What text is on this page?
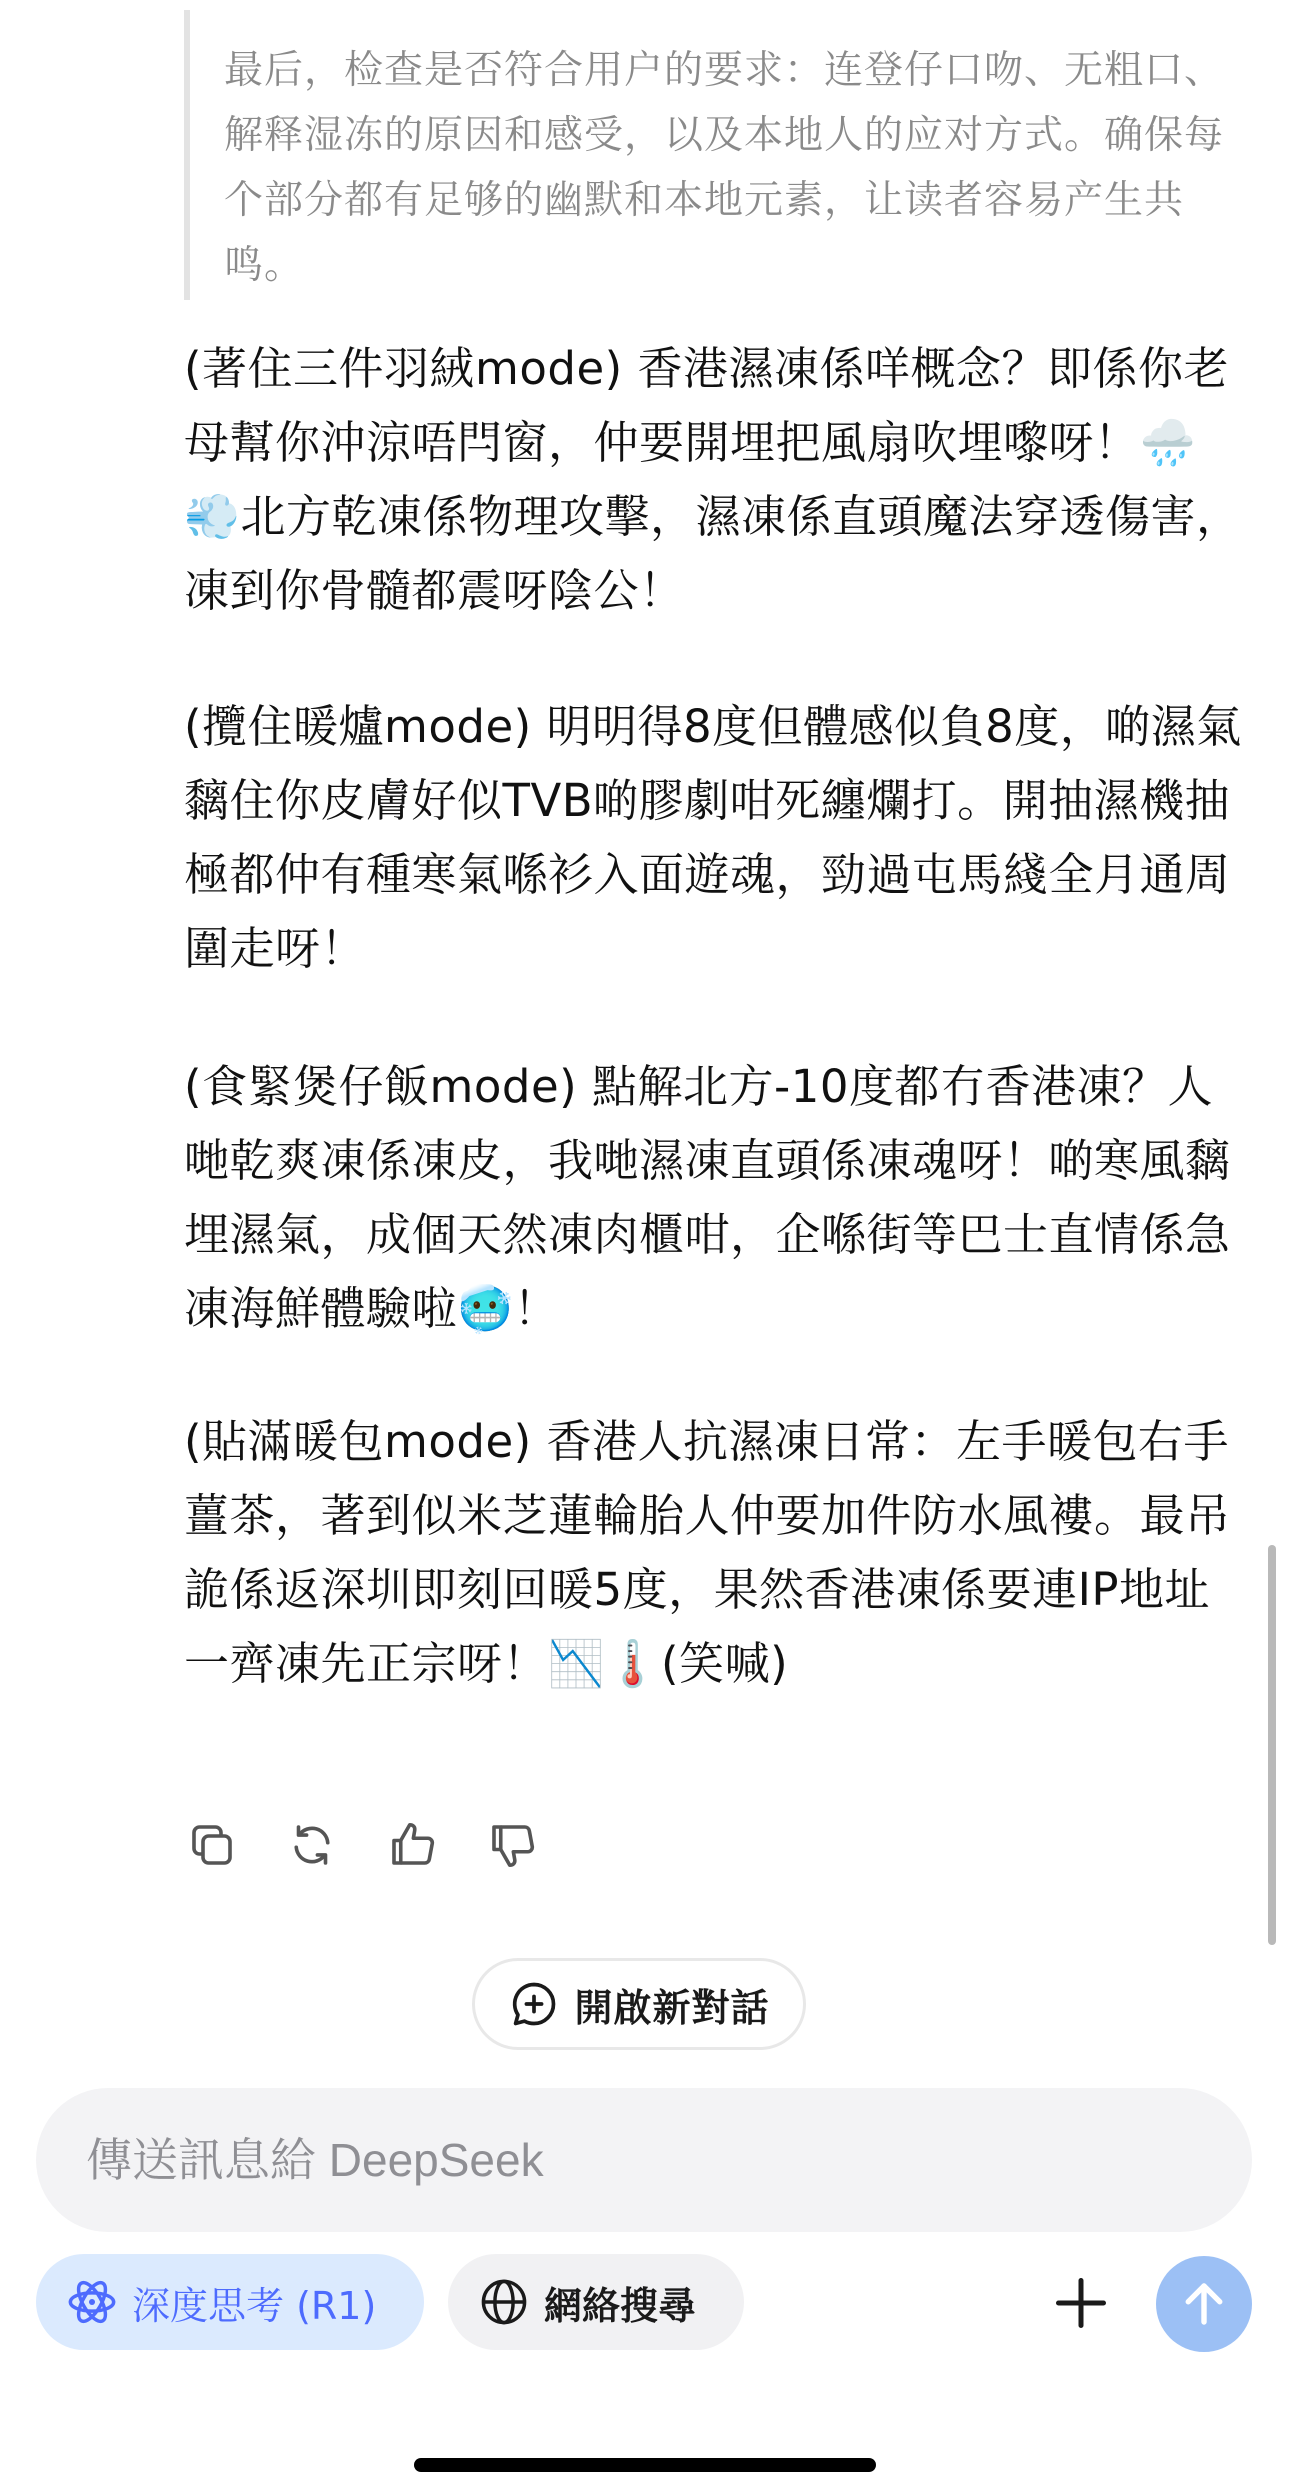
最后，检查是否符合用户的要求：连登仔口吻、无粗口、解释湿冻的原因和感受，以及本地人的应对方式。确保每个部分都有足够的幽默和本地元素，让读者容易产生共鸣。

(著住三件羽絨mode) 香港濕凍係咩概念？即係你老母幫你沖涼唔閂窗，仲要開埋把風扇吹埋嚟呀！🌧️💨北方乾凍係物理攻擊，濕凍係直頭魔法穿透傷害，凍到你骨髓都震呀陰公！

(攬住暖爐mode) 明明得8度但體感似負8度，啲濕氣黐住你皮膚好似TVB啲膠劇咁死纏爛打。開抽濕機抽極都仲有種寒氣喺衫入面遊魂，勁過屯馬綫全月通周圍走呀！

(食緊煲仔飯mode) 點解北方-10度都冇香港凍？人哋乾爽凍係凍皮，我哋濕凍直頭係凍魂呀！啲寒風黐埋濕氣，成個天然凍肉櫃咁，企喺街等巴士直情係急凍海鮮體驗啦🥶！

(貼滿暖包mode) 香港人抗濕凍日常：左手暖包右手薑茶，著到似米芝蓮輪胎人仲要加件防水風褸。最吊詭係返深圳即刻回暖5度，果然香港凍係要連IP地址一齊凍先正宗呀！📉🌡️(笑喊)

開啟新對話
傳送訊息給 DeepSeek
深度思考 (R1)	網絡搜尋
